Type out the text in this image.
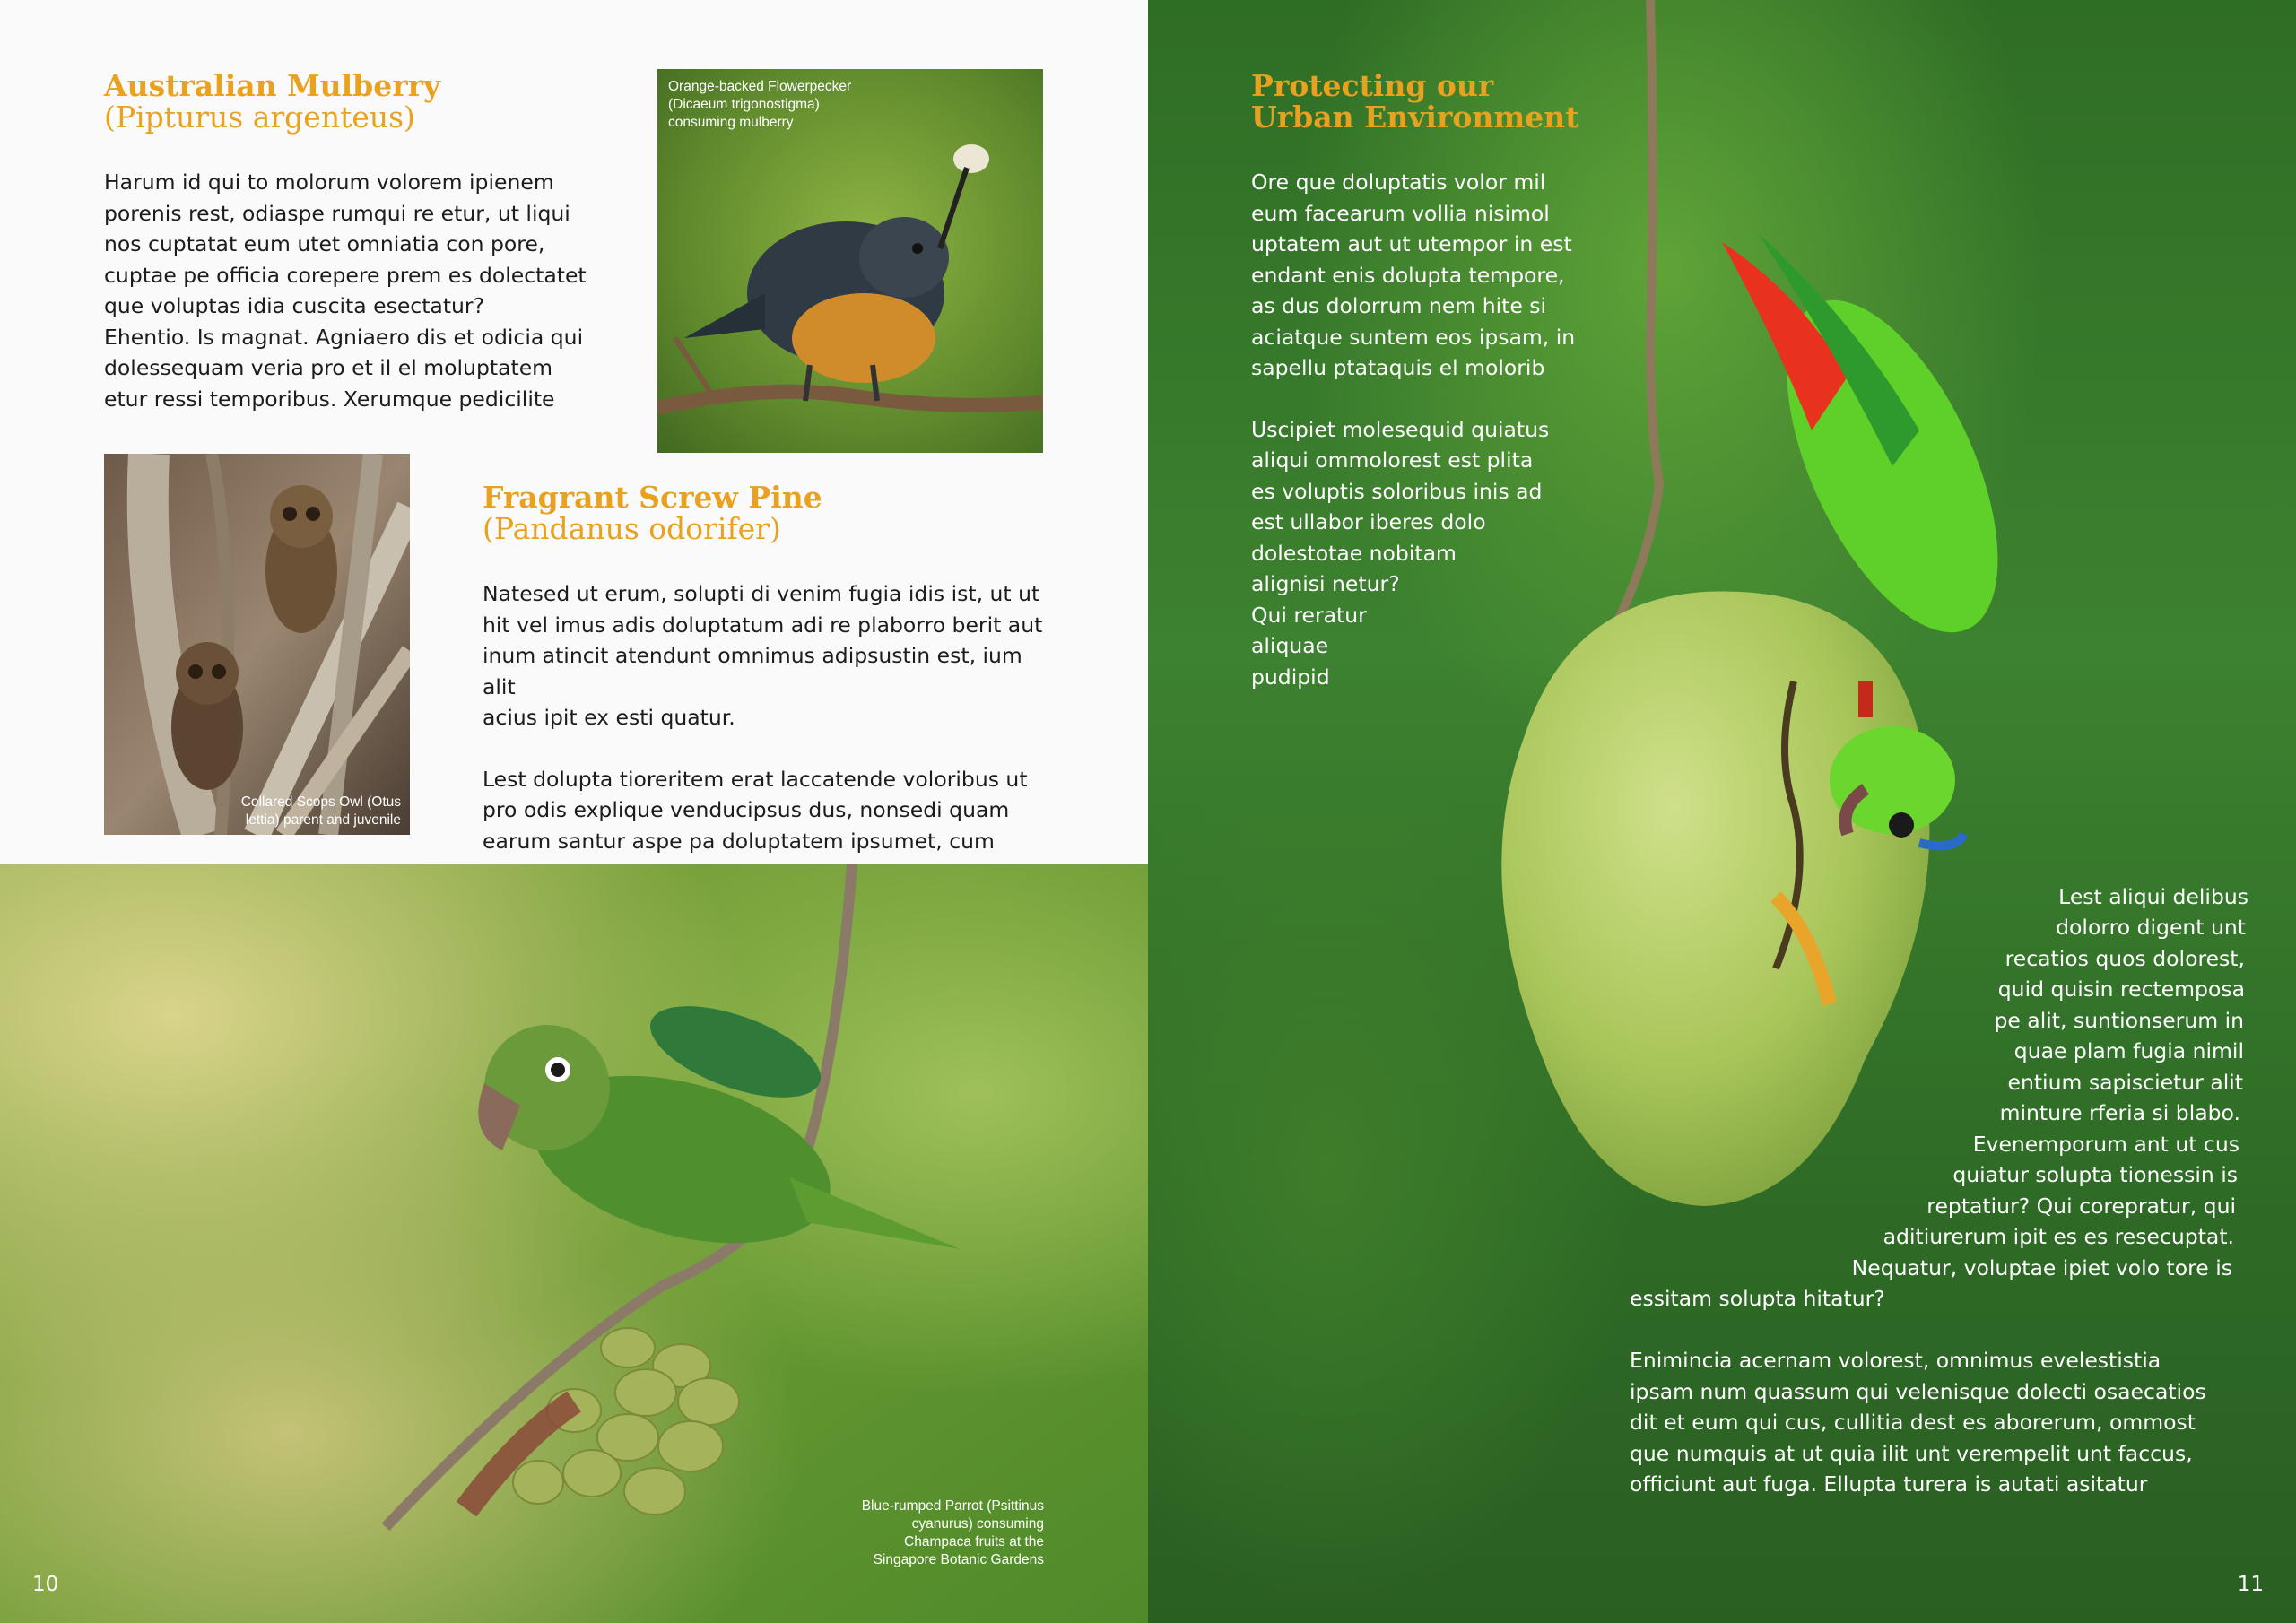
Australian Mulberry
(Pipturus argenteus)

Harum id qui to molorum volorem ipienem
porenis rest, odiaspe rumqui re etur, ut liqui
nos cuptatat eum utet omniatia con pore,
cuptae pe officia corepere prem es dolectatet
que voluptas idia cuscita esectatur?
Ehentio. Is magnat. Agniaero dis et odicia qui
dolessequam veria pro et il el moluptatem
etur ressi temporibus. Xerumque pedicilite

Orange-backed Flowerpecker
(Dicaeum trigonostigma)
consuming mulberry
Collared Scops Owl (Otus
lettia) parent and juvenile
Fragrant Screw Pine
(Pandanus odorifer)

Natesed ut erum, solupti di venim fugia idis ist, ut ut
hit vel imus adis doluptatum adi re plaborro berit aut
inum atincit atendunt omnimus adipsustin est, ium alit
acius ipit ex esti quatur.

Lest dolupta tioreritem erat laccatende voloribus ut
pro odis explique venducipsus dus, nonsedi quam
earum santur aspe pa doluptatem ipsumet, cum

Blue-rumped Parrot (Psittinus
cyanurus) consuming
Champaca fruits at the
Singapore Botanic Gardens
10
Protecting our
Urban Environment

Ore que doluptatis volor mil
eum facearum vollia nisimol
uptatem aut ut utempor in est
endant enis dolupta tempore,
as dus dolorrum nem hite si
aciatque suntem eos ipsam, in
sapellu ptataquis el molorib

Uscipiet molesequid quiatus
aliqui ommolorest est plita
es voluptis soloribus inis ad
est ullabor iberes dolo
dolestotae nobitam
alignisi netur?
Qui reratur
aliquae
pudipid

Lest aliqui delibus
dolorro digent unt
recatios quos dolorest,
quid quisin rectemposa
pe alit, suntionserum in
quae plam fugia nimil
entium sapiscietur alit
minture rferia si blabo.
Evenemporum ant ut cus
quiatur solupta tionessin is
reptatiur? Qui corepratur, qui
aditiurerum ipit es es resecuptat.
Nequatur, voluptae ipiet volo tore is
essitam solupta hitatur?

Enimincia acernam volorest, omnimus evelestistia
ipsam num quassum qui velenisque dolecti osaecatios
dit et eum qui cus, cullitia dest es aborerum, ommost
que numquis at ut quia ilit unt verempelit unt faccus,
officiunt aut fuga. Ellupta turera is autati asitatur

11
